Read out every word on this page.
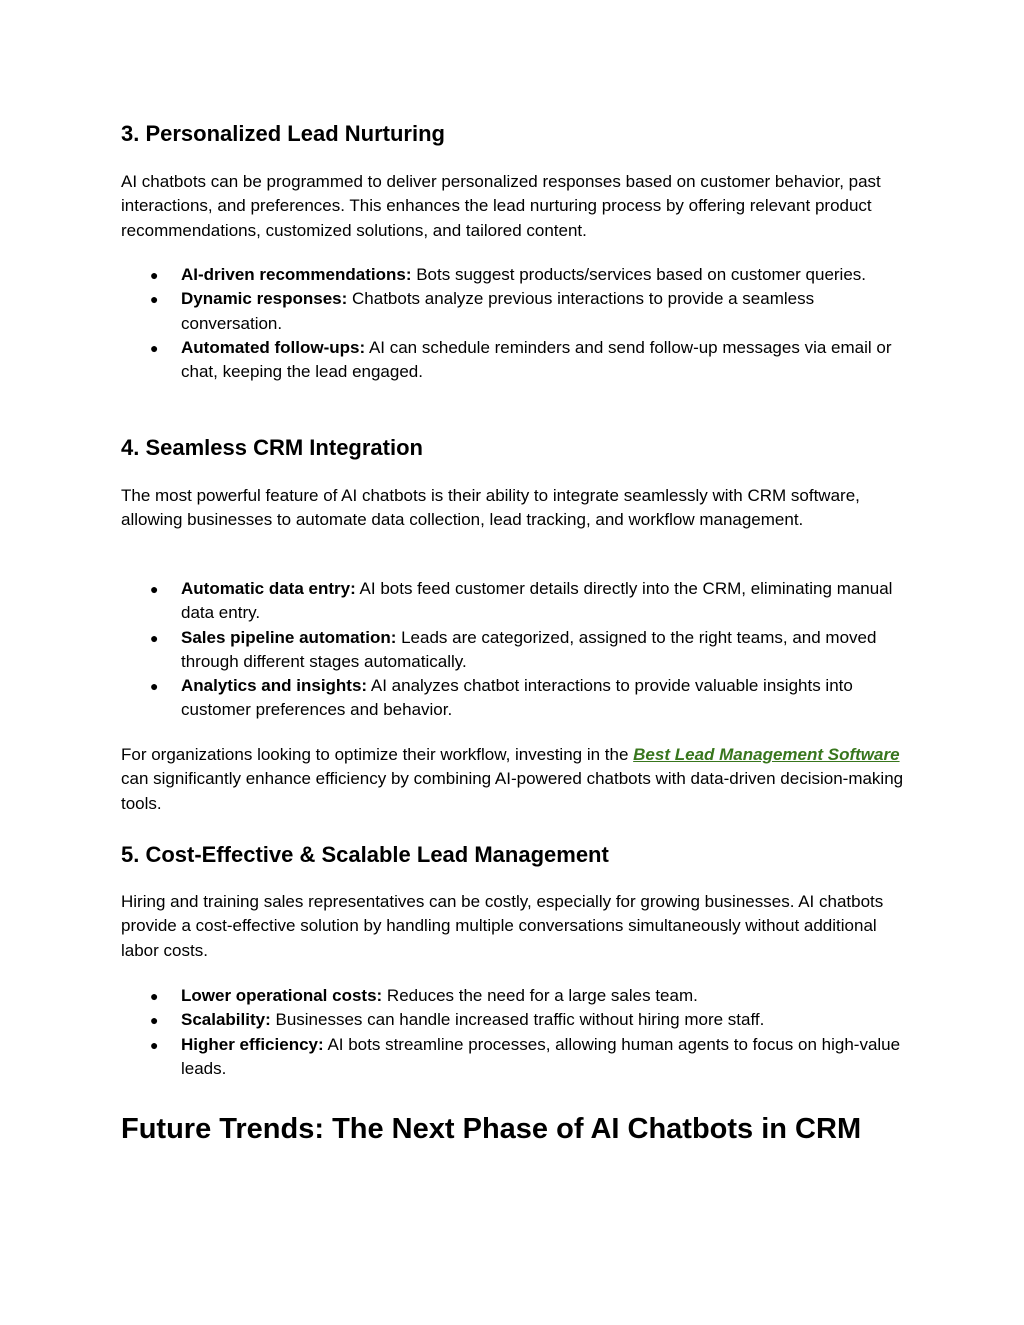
3. Personalized Lead Nurturing

AI chatbots can be programmed to deliver personalized responses based on customer behavior, past interactions, and preferences. This enhances the lead nurturing process by offering relevant product recommendations, customized solutions, and tailored content.

● AI-driven recommendations: Bots suggest products/services based on customer queries.
● Dynamic responses: Chatbots analyze previous interactions to provide a seamless conversation.
● Automated follow-ups: AI can schedule reminders and send follow-up messages via email or chat, keeping the lead engaged.
4. Seamless CRM Integration

The most powerful feature of AI chatbots is their ability to integrate seamlessly with CRM software, allowing businesses to automate data collection, lead tracking, and workflow management.

● Automatic data entry: AI bots feed customer details directly into the CRM, eliminating manual data entry.
● Sales pipeline automation: Leads are categorized, assigned to the right teams, and moved through different stages automatically.
● Analytics and insights: AI analyzes chatbot interactions to provide valuable insights into customer preferences and behavior.

For organizations looking to optimize their workflow, investing in the Best Lead Management Software can significantly enhance efficiency by combining AI-powered chatbots with data-driven decision-making tools.

5. Cost-Effective & Scalable Lead Management

Hiring and training sales representatives can be costly, especially for growing businesses. AI chatbots provide a cost-effective solution by handling multiple conversations simultaneously without additional labor costs.

● Lower operational costs: Reduces the need for a large sales team.
● Scalability: Businesses can handle increased traffic without hiring more staff.
● Higher efficiency: AI bots streamline processes, allowing human agents to focus on high-value leads.
Future Trends: The Next Phase of AI Chatbots in CRM
